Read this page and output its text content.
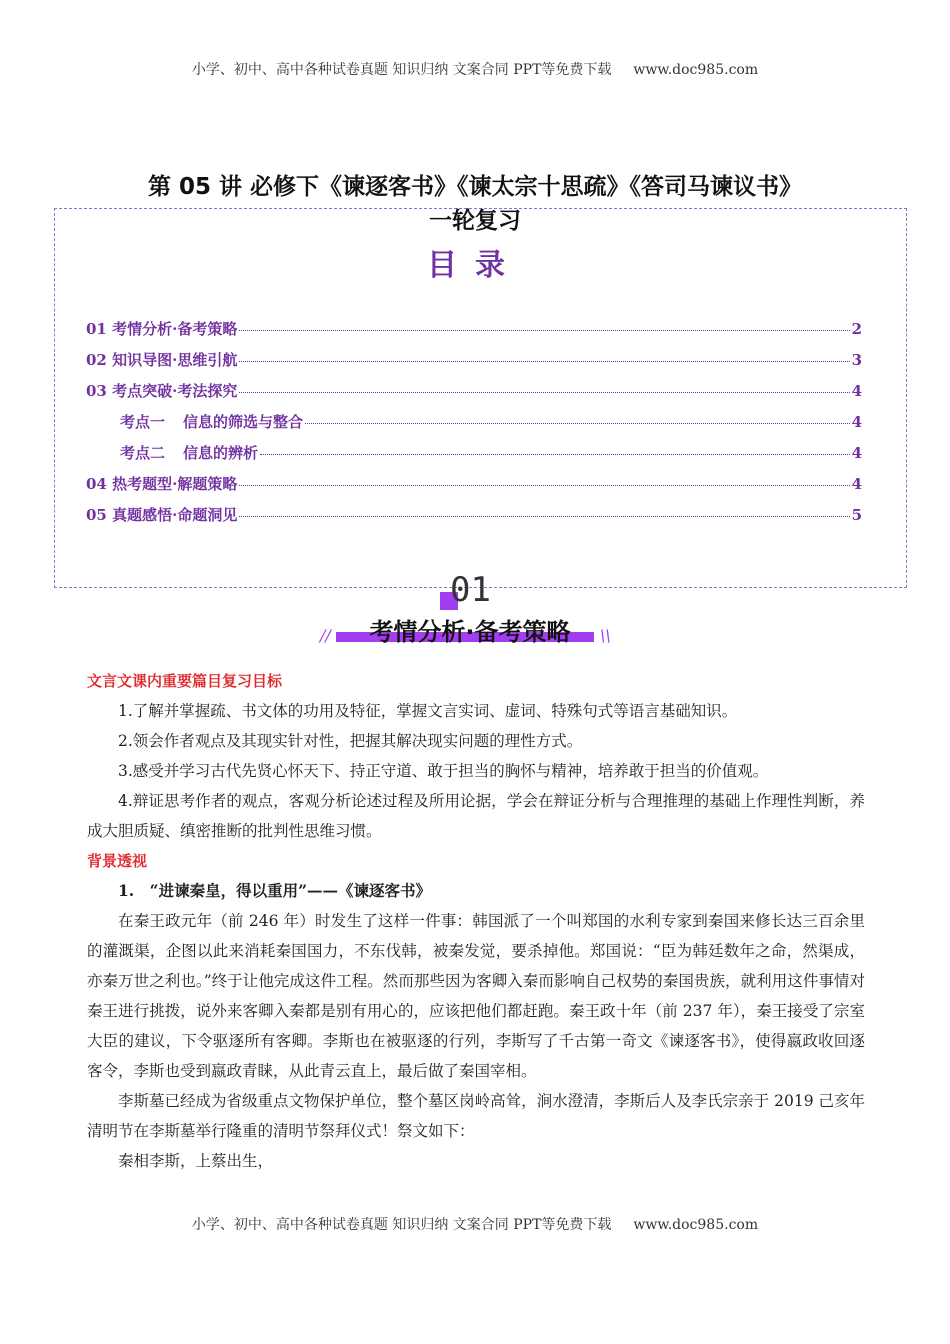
小学、初中、高中各种试卷真题 知识归纳 文案合同 PPT等免费下载 www.doc985.com
第 05 讲 必修下《谏逐客书》《谏太宗十思疏》《答司马谏议书》
一轮复习
目录
01 考情分析·备考策略	2
02 知识导图·思维引航	3
03 考点突破·考法探究	4
考点一 信息的筛选与整合	4
考点二 信息的辨析	4
04 热考题型·解题策略	4
05 真题感悟·命题洞见	5
01
//	\\
考情分析·备考策略
文言文课内重要篇目复习目标

1.了解并掌握疏、书文体的功用及特征，掌握文言实词、虚词、特殊句式等语言基础知识。

2.领会作者观点及其现实针对性，把握其解决现实问题的理性方式。

3.感受并学习古代先贤心怀天下、持正守道、敢于担当的胸怀与精神，培养敢于担当的价值观。

4.辩证思考作者的观点，客观分析论述过程及所用论据，学会在辩证分析与合理推理的基础上作理性判断，养成大胆质疑、缜密推断的批判性思维习惯。

背景透视
1.　“进谏秦皇，得以重用”——《谏逐客书》

在秦王政元年（前 246 年）时发生了这样一件事：韩国派了一个叫郑国的水利专家到秦国来修长达三百余里的灌溉渠，企图以此来消耗秦国国力，不东伐韩，被秦发觉，要杀掉他。郑国说：“臣为韩廷数年之命，然渠成，亦秦万世之利也。”终于让他完成这件工程。然而那些因为客卿入秦而影响自己权势的秦国贵族，就利用这件事情对秦王进行挑拨，说外来客卿入秦都是别有用心的，应该把他们都赶跑。秦王政十年（前 237 年），秦王接受了宗室大臣的建议，下令驱逐所有客卿。李斯也在被驱逐的行列，李斯写了千古第一奇文《谏逐客书》，使得嬴政收回逐客令，李斯也受到嬴政青睐，从此青云直上，最后做了秦国宰相。

李斯墓已经成为省级重点文物保护单位，整个墓区岗岭高耸，涧水澄清，李斯后人及李氏宗亲于 2019 己亥年清明节在李斯墓举行隆重的清明节祭拜仪式！祭文如下：

秦相李斯，上蔡出生，

小学、初中、高中各种试卷真题 知识归纳 文案合同 PPT等免费下载 www.doc985.com
